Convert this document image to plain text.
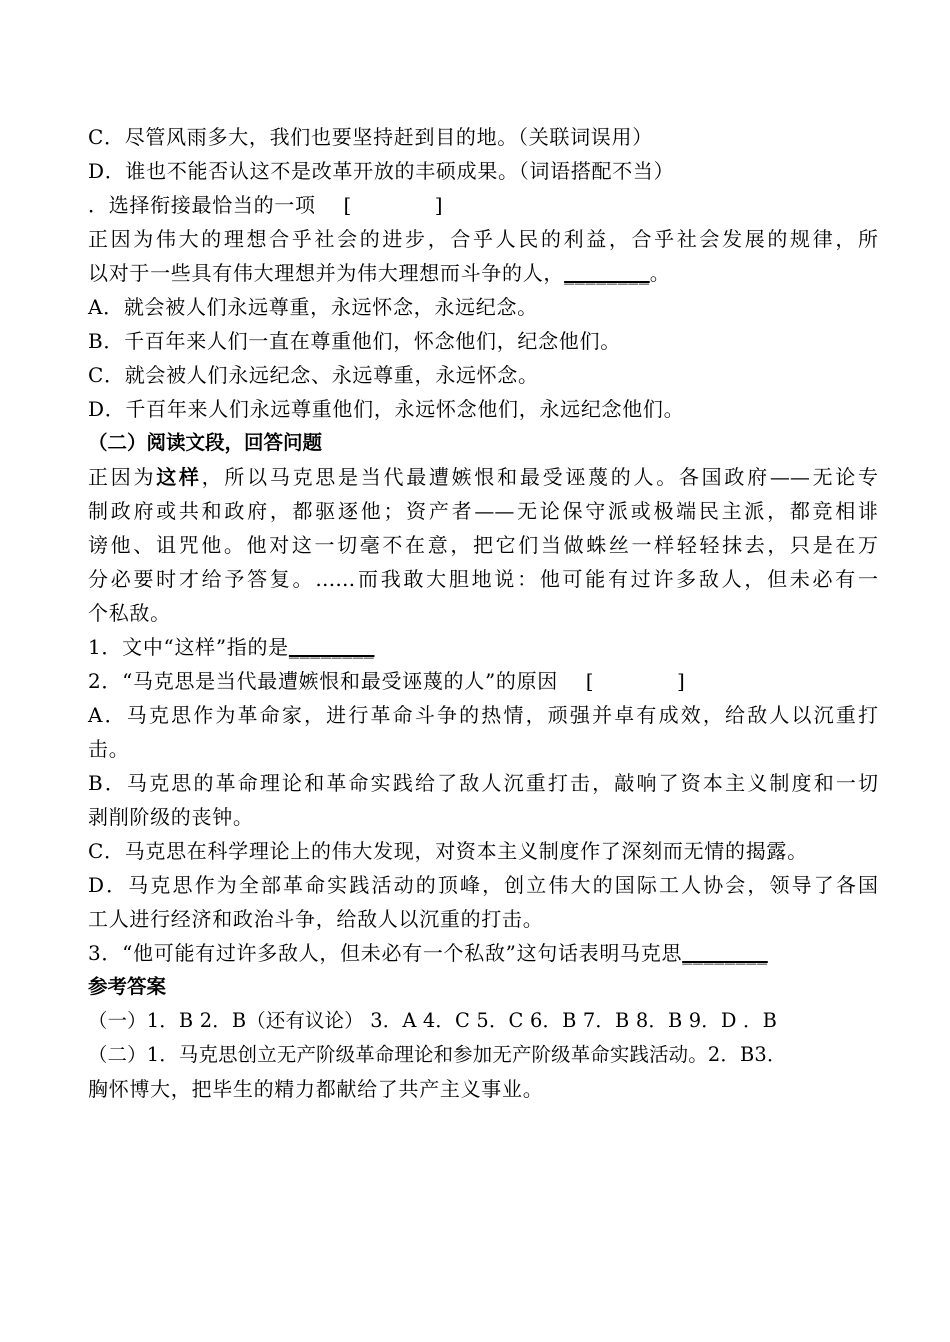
C．尽管风雨多大，我们也要坚持赶到目的地。（关联词误用）
D．谁也不能否认这不是改革开放的丰硕成果。（词语搭配不当）
．选择衔接最恰当的一项　 [　　　　]
正因为伟大的理想合乎社会的进步，合乎人民的利益，合乎社会发展的规律，所
以对于一些具有伟大理想并为伟大理想而斗争的人，________。
A．就会被人们永远尊重，永远怀念，永远纪念。
B．千百年来人们一直在尊重他们，怀念他们，纪念他们。
C．就会被人们永远纪念、永远尊重，永远怀念。
D．千百年来人们永远尊重他们，永远怀念他们，永远纪念他们。
（二）阅读文段，回答问题
正因为这样，所以马克思是当代最遭嫉恨和最受诬蔑的人。各国政府——无论专
制政府或共和政府，都驱逐他；资产者——无论保守派或极端民主派，都竞相诽
谤他、诅咒他。他对这一切毫不在意，把它们当做蛛丝一样轻轻抹去，只是在万
分必要时才给予答复。……而我敢大胆地说：他可能有过许多敌人，但未必有一
个私敌。
1．文中“这样”指的是________
2．“马克思是当代最遭嫉恨和最受诬蔑的人”的原因　 [　　　　]
A．马克思作为革命家，进行革命斗争的热情，顽强并卓有成效，给敌人以沉重打
击。
B．马克思的革命理论和革命实践给了敌人沉重打击，敲响了资本主义制度和一切
剥削阶级的丧钟。
C．马克思在科学理论上的伟大发现，对资本主义制度作了深刻而无情的揭露。
D．马克思作为全部革命实践活动的顶峰，创立伟大的国际工人协会，领导了各国
工人进行经济和政治斗争，给敌人以沉重的打击。
3．“他可能有过许多敌人，但未必有一个私敌”这句话表明马克思________
参考答案
（一）1．B 2．B（还有议论） 3．A 4．C 5．C 6．B 7．B 8．B 9．D ．B
（二）1．马克思创立无产阶级革命理论和参加无产阶级革命实践活动。2．B3．
胸怀博大，把毕生的精力都献给了共产主义事业。
